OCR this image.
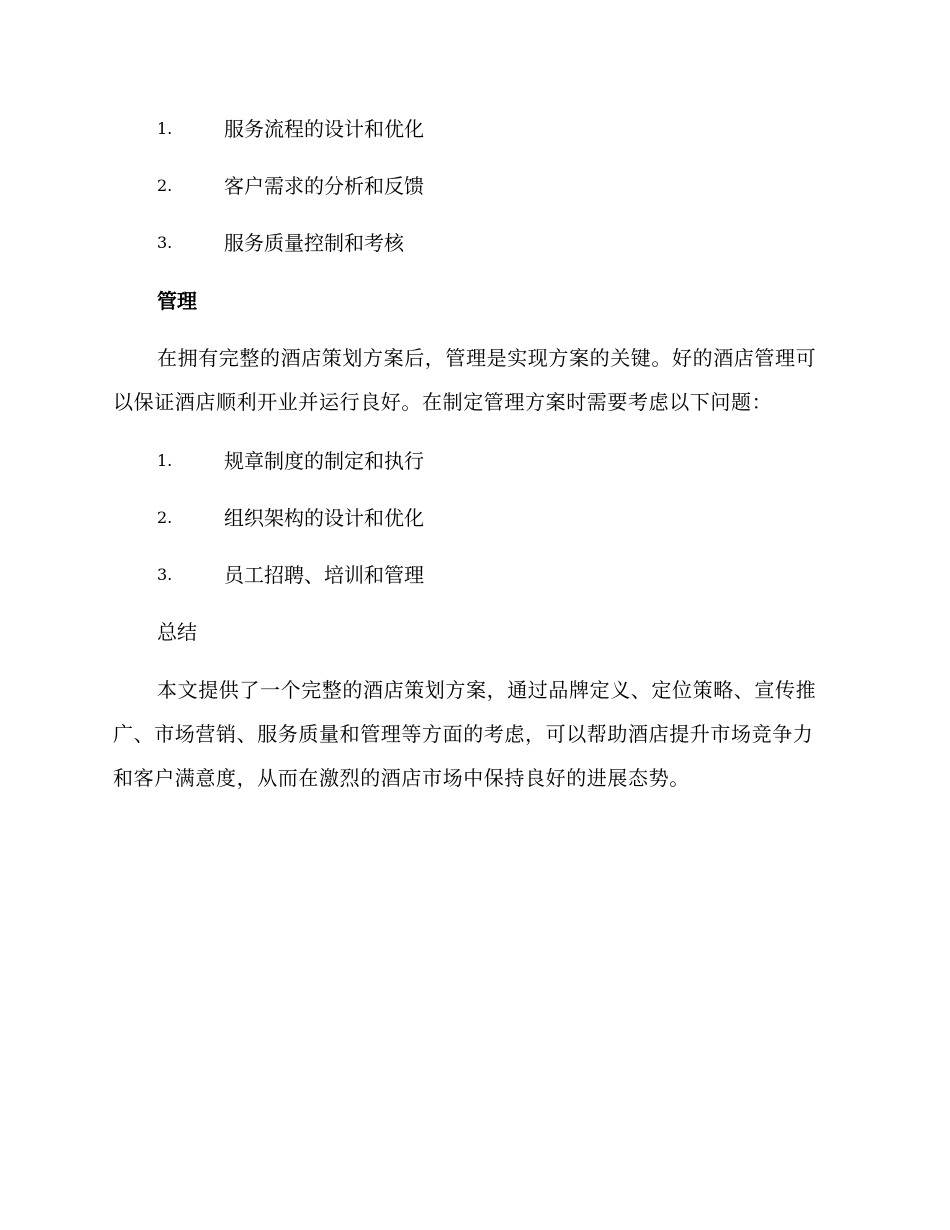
1.	服务流程的设计和优化
2.	客户需求的分析和反馈
3.	服务质量控制和考核
管理

在拥有完整的酒店策划方案后，管理是实现方案的关键。好的酒店管理可以保证酒店顺利开业并运行良好。在制定管理方案时需要考虑以下问题：

1.	规章制度的制定和执行
2.	组织架构的设计和优化
3.	员工招聘、培训和管理
总结

本文提供了一个完整的酒店策划方案，通过品牌定义、定位策略、宣传推广、市场营销、服务质量和管理等方面的考虑，可以帮助酒店提升市场竞争力和客户满意度，从而在激烈的酒店市场中保持良好的进展态势。
